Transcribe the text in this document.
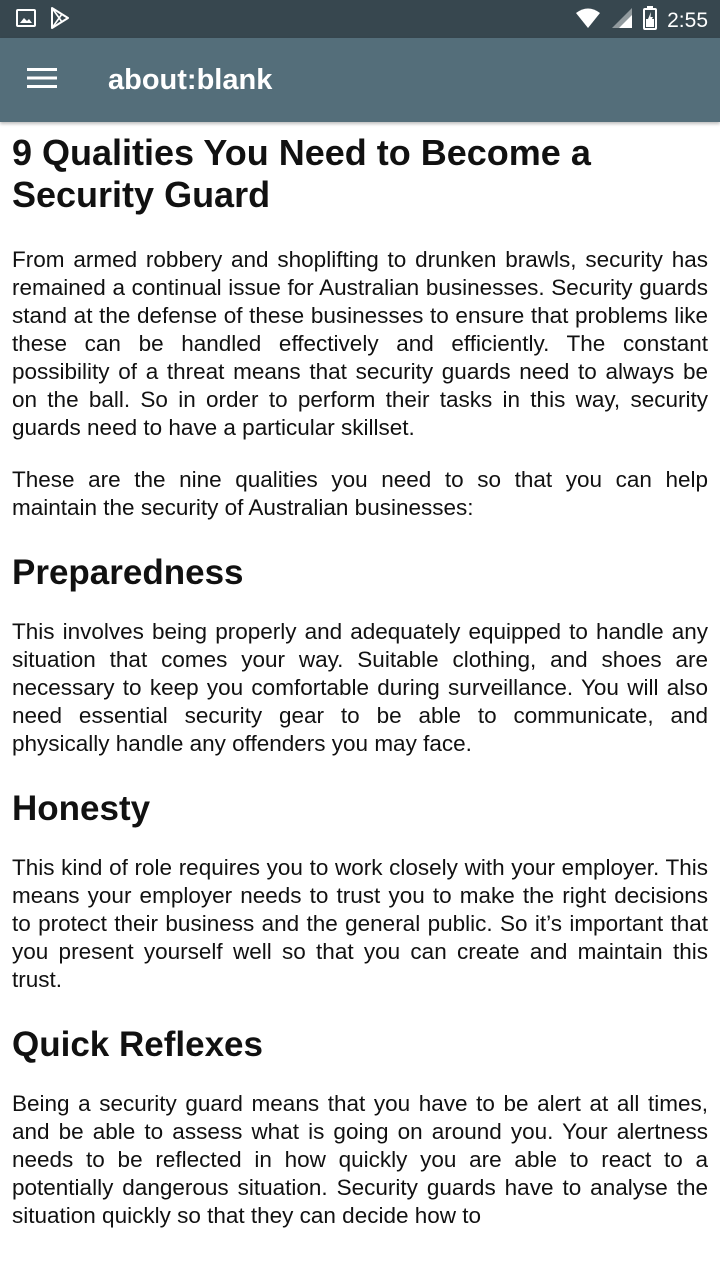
2:55
about:blank
9 Qualities You Need to Become a Security Guard

From armed robbery and shoplifting to drunken brawls, security has remained a continual issue for Australian businesses. Security guards stand at the defense of these businesses to ensure that problems like these can be handled effectively and efficiently. The constant possibility of a threat means that security guards need to always be on the ball. So in order to perform their tasks in this way, security guards need to have a particular skillset.

These are the nine qualities you need to so that you can help maintain the security of Australian businesses:

Preparedness

This involves being properly and adequately equipped to handle any situation that comes your way. Suitable clothing, and shoes are necessary to keep you comfortable during surveillance. You will also need essential security gear to be able to communicate, and physically handle any offenders you may face.

Honesty

This kind of role requires you to work closely with your employer. This means your employer needs to trust you to make the right decisions to protect their business and the general public. So it’s important that you present yourself well so that you can create and maintain this trust.

Quick Reflexes

Being a security guard means that you have to be alert at all times, and be able to assess what is going on around you. Your alertness needs to be reflected in how quickly you are able to react to a potentially dangerous situation. Security guards have to analyse the situation quickly so that they can decide how to
